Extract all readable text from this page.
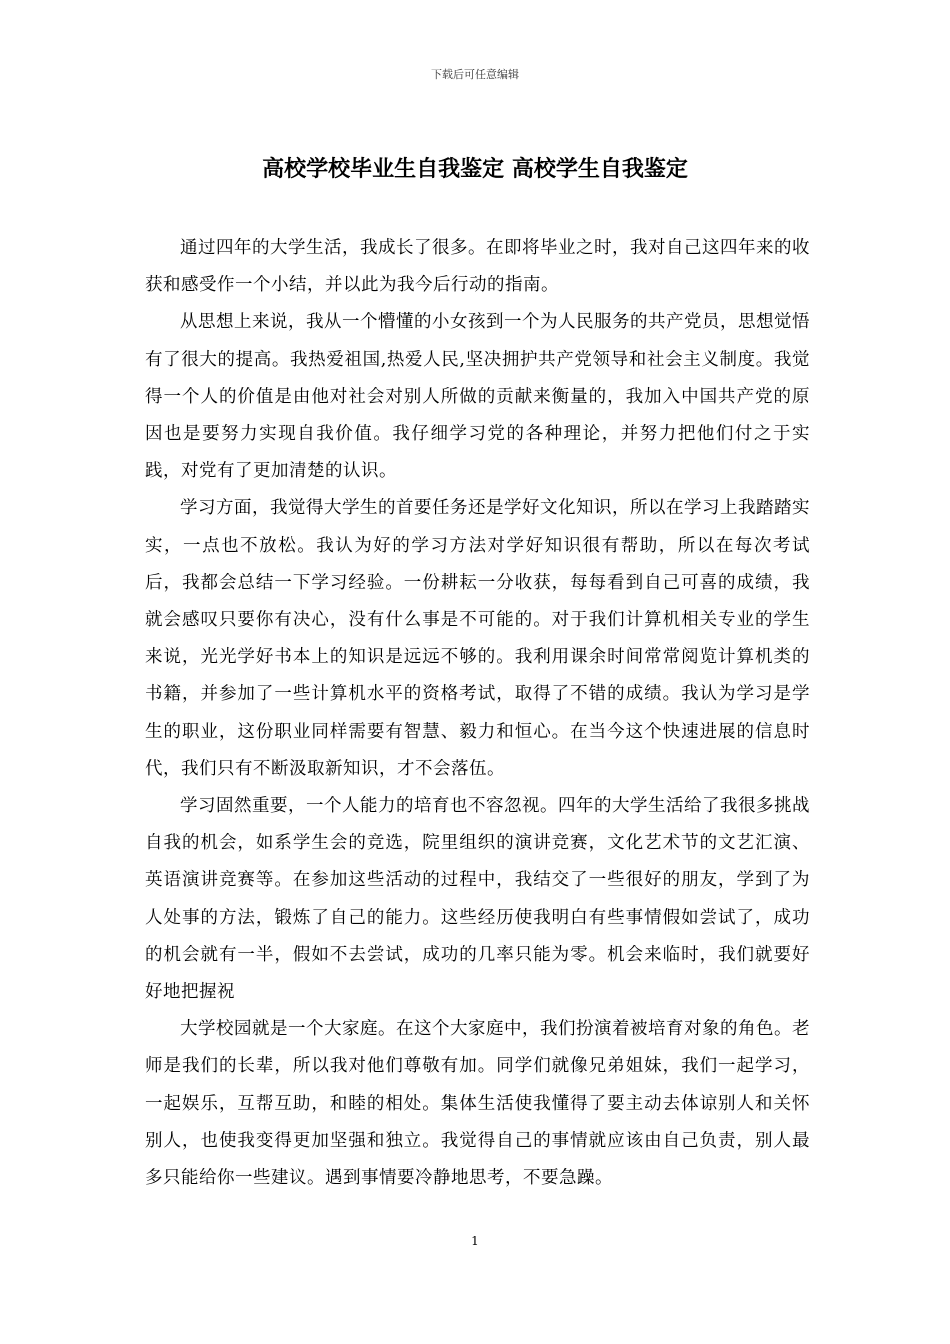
下载后可任意编辑
高校学校毕业生自我鉴定 高校学生自我鉴定

通过四年的大学生活，我成长了很多。在即将毕业之时，我对自己这四年来的收获和感受作一个小结，并以此为我今后行动的指南。

从思想上来说，我从一个懵懂的小女孩到一个为人民服务的共产党员，思想觉悟有了很大的提高。我热爱祖国,热爱人民,坚决拥护共产党领导和社会主义制度。我觉得一个人的价值是由他对社会对别人所做的贡献来衡量的，我加入中国共产党的原因也是要努力实现自我价值。我仔细学习党的各种理论，并努力把他们付之于实践，对党有了更加清楚的认识。

学习方面，我觉得大学生的首要任务还是学好文化知识，所以在学习上我踏踏实实，一点也不放松。我认为好的学习方法对学好知识很有帮助，所以在每次考试后，我都会总结一下学习经验。一份耕耘一分收获，每每看到自己可喜的成绩，我就会感叹只要你有决心，没有什么事是不可能的。对于我们计算机相关专业的学生来说，光光学好书本上的知识是远远不够的。我利用课余时间常常阅览计算机类的书籍，并参加了一些计算机水平的资格考试，取得了不错的成绩。我认为学习是学生的职业，这份职业同样需要有智慧、毅力和恒心。在当今这个快速进展的信息时代，我们只有不断汲取新知识，才不会落伍。

学习固然重要，一个人能力的培育也不容忽视。四年的大学生活给了我很多挑战自我的机会，如系学生会的竞选，院里组织的演讲竞赛，文化艺术节的文艺汇演、英语演讲竞赛等。在参加这些活动的过程中，我结交了一些很好的朋友，学到了为人处事的方法，锻炼了自己的能力。这些经历使我明白有些事情假如尝试了，成功的机会就有一半，假如不去尝试，成功的几率只能为零。机会来临时，我们就要好好地把握祝

大学校园就是一个大家庭。在这个大家庭中，我们扮演着被培育对象的角色。老师是我们的长辈，所以我对他们尊敬有加。同学们就像兄弟姐妹，我们一起学习，一起娱乐，互帮互助，和睦的相处。集体生活使我懂得了要主动去体谅别人和关怀别人，也使我变得更加坚强和独立。我觉得自己的事情就应该由自己负责，别人最多只能给你一些建议。遇到事情要冷静地思考，不要急躁。

1
